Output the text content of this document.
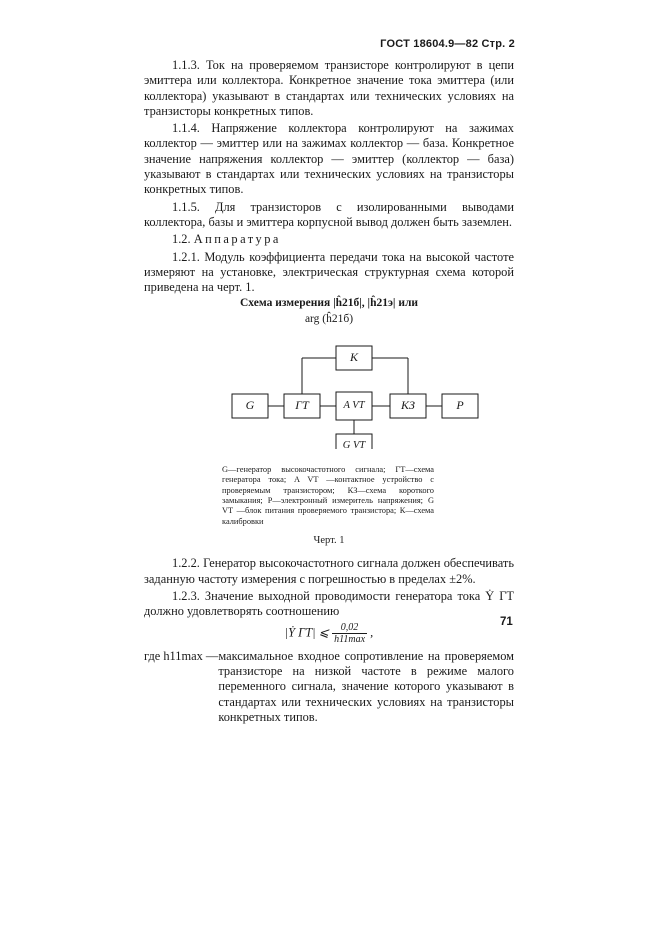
ГОСТ 18604.9—82 Стр. 2

1.1.3. Ток на проверяемом транзисторе контролируют в цепи эмиттера или коллектора. Конкретное значение тока эмиттера (или коллектора) указывают в стандартах или технических условиях на транзисторы конкретных типов.

1.1.4. Напряжение коллектора контролируют на зажимах коллектор — эмиттер или на зажимах коллектор — база. Конкретное значение напряжения коллектор — эмиттер (коллектор — база) указывают в стандартах или технических условиях на транзисторы конкретных типов.

1.1.5. Для транзисторов с изолированными выводами коллектора, базы и эмиттера корпусной вывод должен быть заземлен.

1.2. Аппаратура

1.2.1. Модуль коэффициента передачи тока на высокой частоте измеряют на установке, электрическая структурная схема которой приведена на черт. 1.

Схема измерения |ĥ21б|, |ĥ21э| или

arg (ĥ21б)

G	ГТ	A VT	КЗ	Р
К
G VT
G—генератор высокочастотного сигнала; ГТ—схема генератора тока; A VT —контактное устройство с проверяемым транзистором; КЗ—схема короткого замыкания; Р—электронный измеритель напряжения; G VT —блок питания проверяемого транзистора; К—схема калибровки
Черт. 1

1.2.2. Генератор высокочастотного сигнала должен обеспечивать заданную частоту измерения с погрешностью в пределах ±2%.

1.2.3. Значение выходной проводимости генератора тока Ẏ ГТ должно удовлетворять соотношению

|Ẏ ГТ| ⩽ $\frac{0,02}{h11\max}$ ,
где h11max — максимальное входное сопротивление на проверяемом транзисторе на низкой частоте в режиме малого переменного сигнала, значение которого указывают в стандартах или технических условиях на транзисторы конкретных типов.
71
